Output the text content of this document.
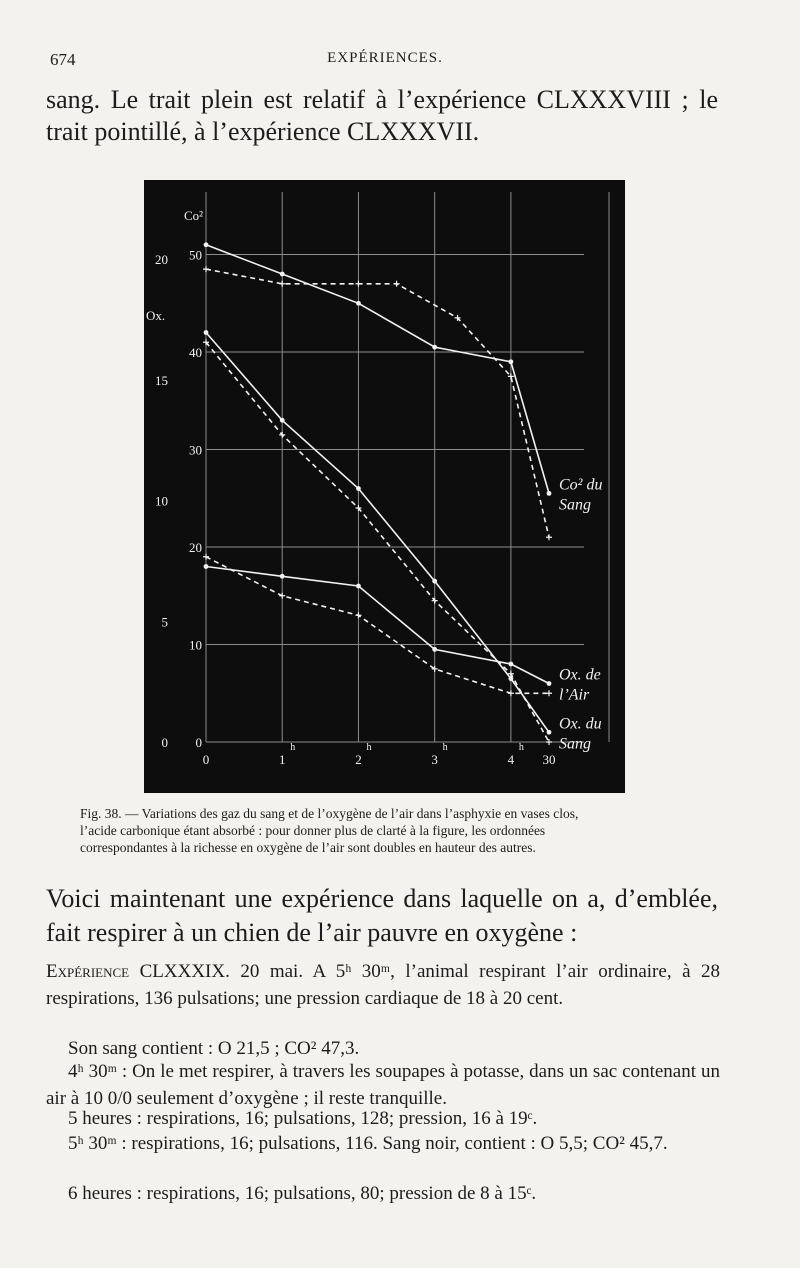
674	EXPÉRIENCES.
sang. Le trait plein est relatif à l’expérience CLXXXVIII ; le trait pointillé, à l’expérience CLXXXVII.
Co²
0
10
20
30
40
50
Ox.
0
5
10
15
20
0	1
h
2
h
3
h
4
h
30
Co² du
Sang
Ox. du
Sang
Ox. de
l’Air
Fig. 38. — Variations des gaz du sang et de l’oxygène de l’air dans l’asphyxie en vases clos,
l’acide carbonique étant absorbé : pour donner plus de clarté à la figure, les ordonnées
correspondantes à la richesse en oxygène de l’air sont doubles en hauteur des autres.
Voici maintenant une expérience dans laquelle on a, d’emblée, fait respirer à un chien de l’air pauvre en oxygène :
Expérience CLXXXIX. 20 mai. A 5ʰ 30ᵐ, l’animal respirant l’air ordinaire, à 28 respirations, 136 pulsations; une pression cardiaque de 18 à 20 cent.
Son sang contient : O 21,5 ; CO² 47,3.
4ʰ 30ᵐ : On le met respirer, à travers les soupapes à potasse, dans un sac contenant un air à 10 0/0 seulement d’oxygène ; il reste tranquille.
5 heures : respirations, 16; pulsations, 128; pression, 16 à 19ᶜ.
5ʰ 30ᵐ : respirations, 16; pulsations, 116. Sang noir, contient : O 5,5; CO² 45,7.
6 heures : respirations, 16; pulsations, 80; pression de 8 à 15ᶜ.
